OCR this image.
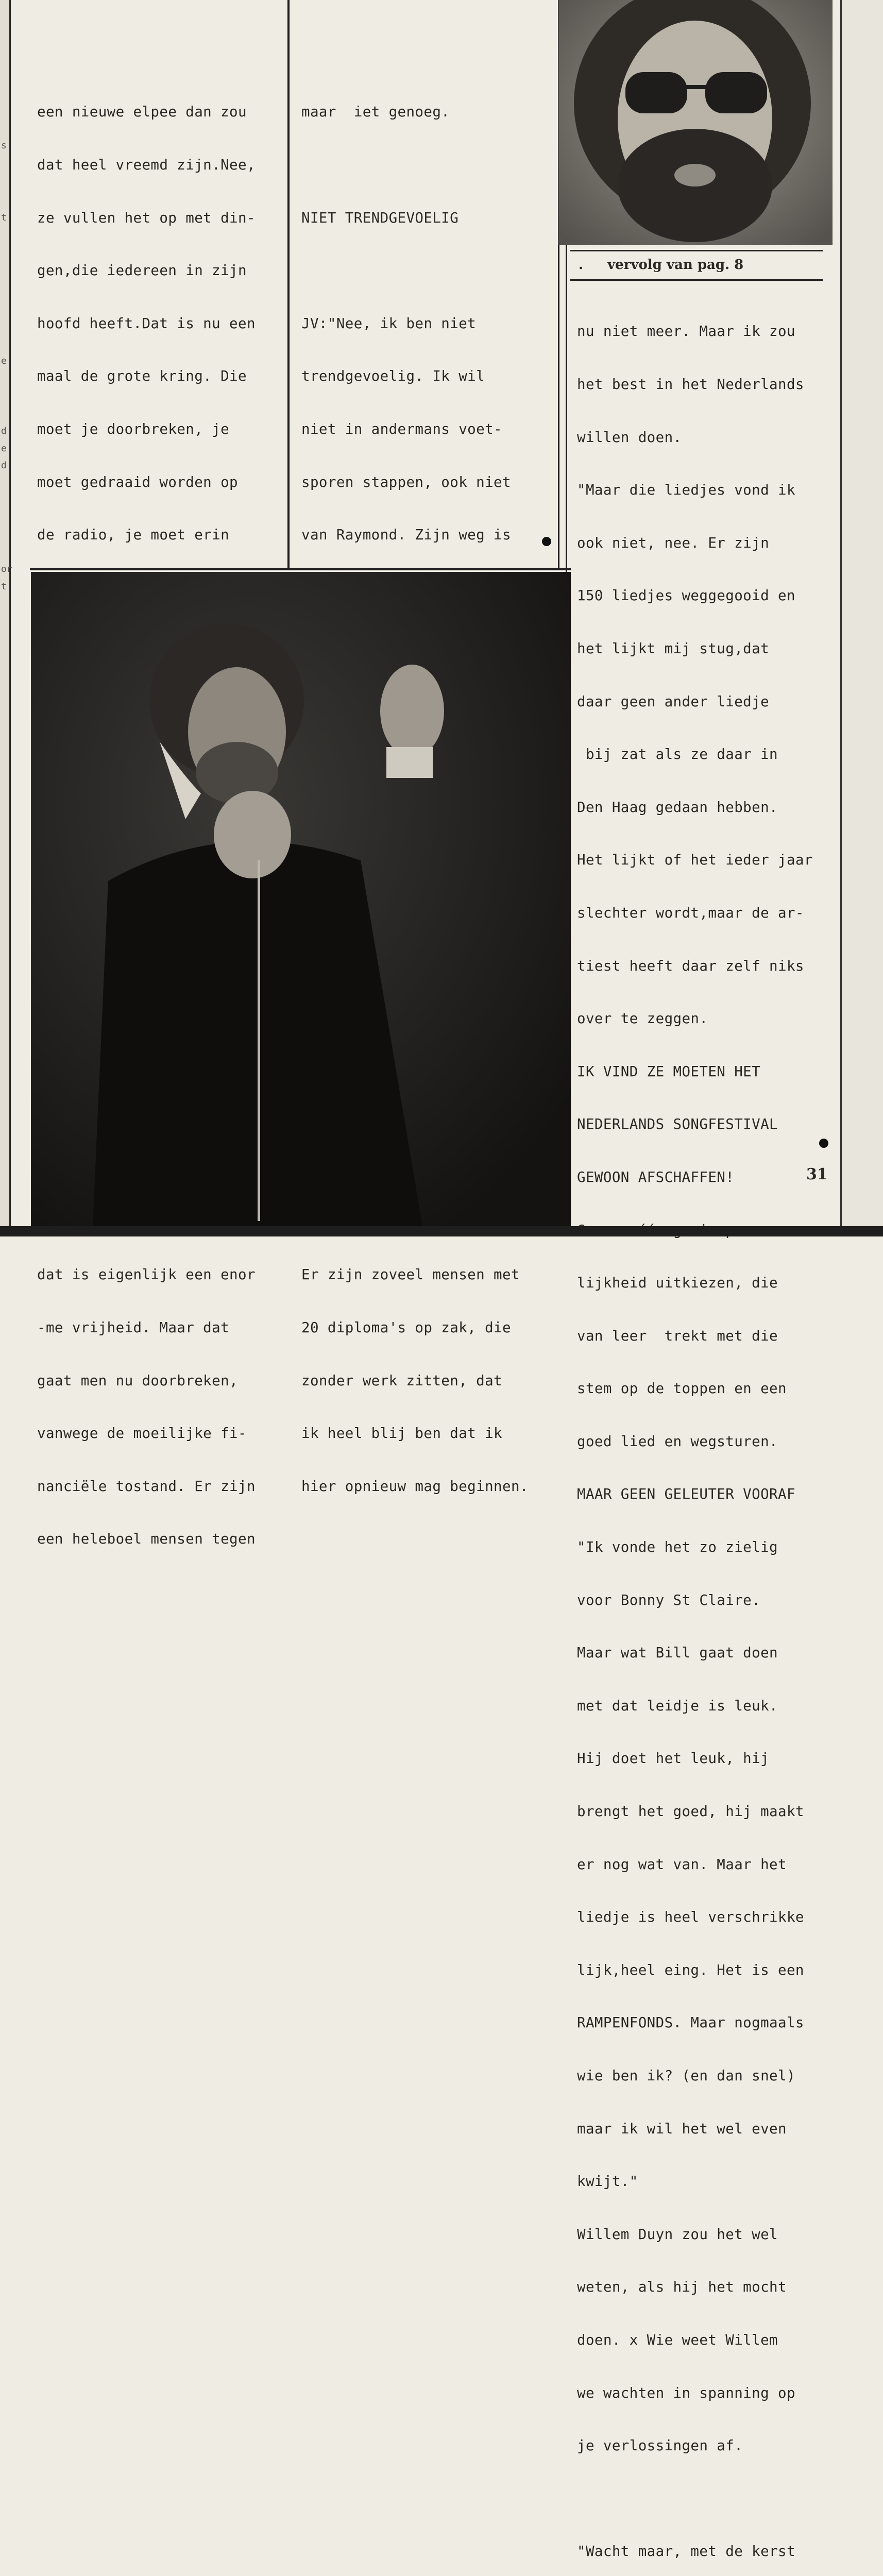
s
t
e
d
e
d
or
t

een nieuwe elpee dan zou

dat heel vreemd zijn.Nee,

ze vullen het op met din-

gen,die iedereen in zijn

hoofd heeft.Dat is nu een

maal de grote kring. Die

moet je doorbreken, je

moet gedraaid worden op

de radio, je moet erin

dat is eigenlijk een enor

-me vrijheid. Maar dat

gaat men nu doorbreken,

vanwege de moeilijke fi-

nanciële tostand. Er zijn

een heleboel mensen tegen

maar  iet genoeg.

NIET TRENDGEVOELIG

JV:"Nee, ik ben niet

trendgevoelig. Ik wil

niet in andermans voet-

sporen stappen, ook niet

van Raymond. Zijn weg is

Er zijn zoveel mensen met

20 diploma's op zak, die

zonder werk zitten, dat

ik heel blij ben dat ik

hier opnieuw mag beginnen.

. vervolg van pag. 8

nu niet meer. Maar ik zou

het best in het Nederlands

willen doen.

"Maar die liedjes vond ik

ook niet, nee. Er zijn

150 liedjes weggegooid en

het lijkt mij stug,dat

daar geen ander liedje

bij zat als ze daar in

Den Haag gedaan hebben.

Het lijkt of het ieder jaar

slechter wordt,maar de ar-

tiest heeft daar zelf niks

over te zeggen.

IK VIND ZE MOETEN HET

NEDERLANDS SONGFESTIVAL

GEWOON AFSCHAFFEN!

lijkheid uitkiezen, die

van leer  trekt met die

stem op de toppen en een

goed lied en wegsturen.

MAAR GEEN GELEUTER VOORAF

"Ik vonde het zo zielig

voor Bonny St Claire.

Maar wat Bill gaat doen

met dat leidje is leuk.

Hij doet het leuk, hij

brengt het goed, hij maakt

er nog wat van. Maar het

liedje is heel verschrikke

lijk,heel eing. Het is een

RAMPENFONDS. Maar nogmaals

wie ben ik? (en dan snel)

maar ik wil het wel even

kwijt."

Willem Duyn zou het wel

weten, als hij het mocht

doen. x Wie weet Willem

we wachten in spanning op

je verlossingen af.

"Wacht maar, met de kerst

31
